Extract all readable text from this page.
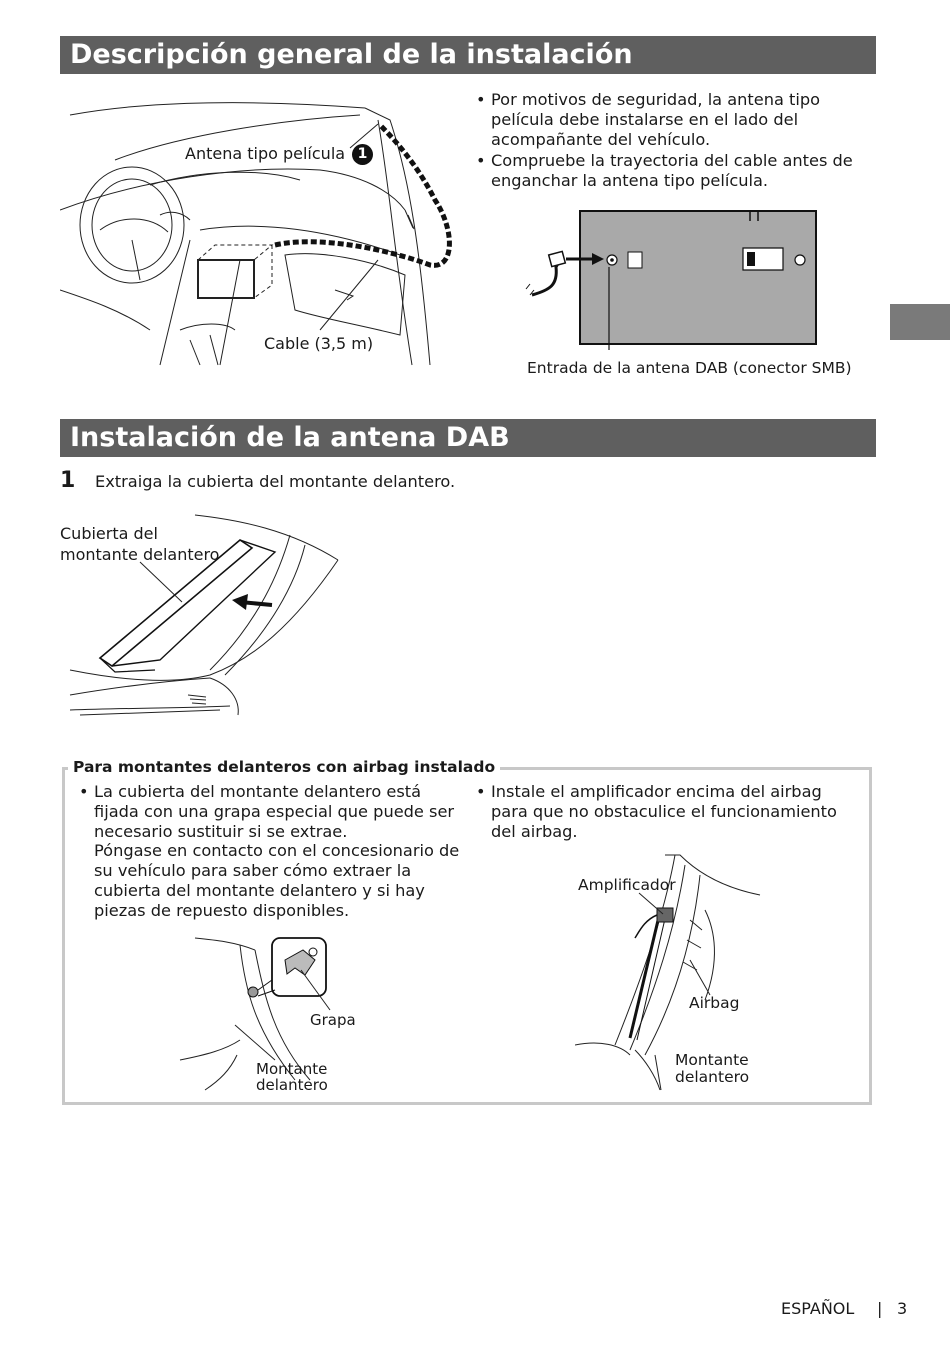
Descripción general de la instalación
Antena tipo película 1
Cable (3,5 m)
• Por motivos de seguridad, la antena tipo película debe instalarse en el lado del acompañante del vehículo.
• Compruebe la trayectoria del cable antes de enganchar la antena tipo película.
Entrada de la antena DAB (conector SMB)
Instalación de la antena DAB
1 Extraiga la cubierta del montante delantero.
Cubierta del
montante delantero
Para montantes delanteros con airbag instalado
• La cubierta del montante delantero está fijada con una grapa especial que puede ser necesario sustituir si se extrae.
Póngase en contacto con el concesionario de su vehículo para saber cómo extraer la cubierta del montante delantero y si hay piezas de repuesto disponibles.
• Instale el amplificador encima del airbag para que no obstaculice el funcionamiento del airbag.
Grapa
Montante
delantero
Amplificador
Airbag
Montante
delantero
ESPAÑOL | 3
